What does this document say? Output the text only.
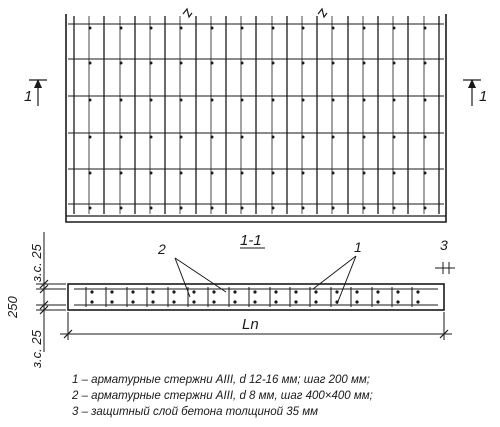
1	1
1-1
2	1	3
з.с. 25
250
з.с. 25
Ln
1 – арматурные стержни АIII, d 12-16 мм; шаг 200 мм;
2 – арматурные стержни АIII, d 8 мм, шаг 400×400 мм;
3 – защитный слой бетона толщиной 35 мм
